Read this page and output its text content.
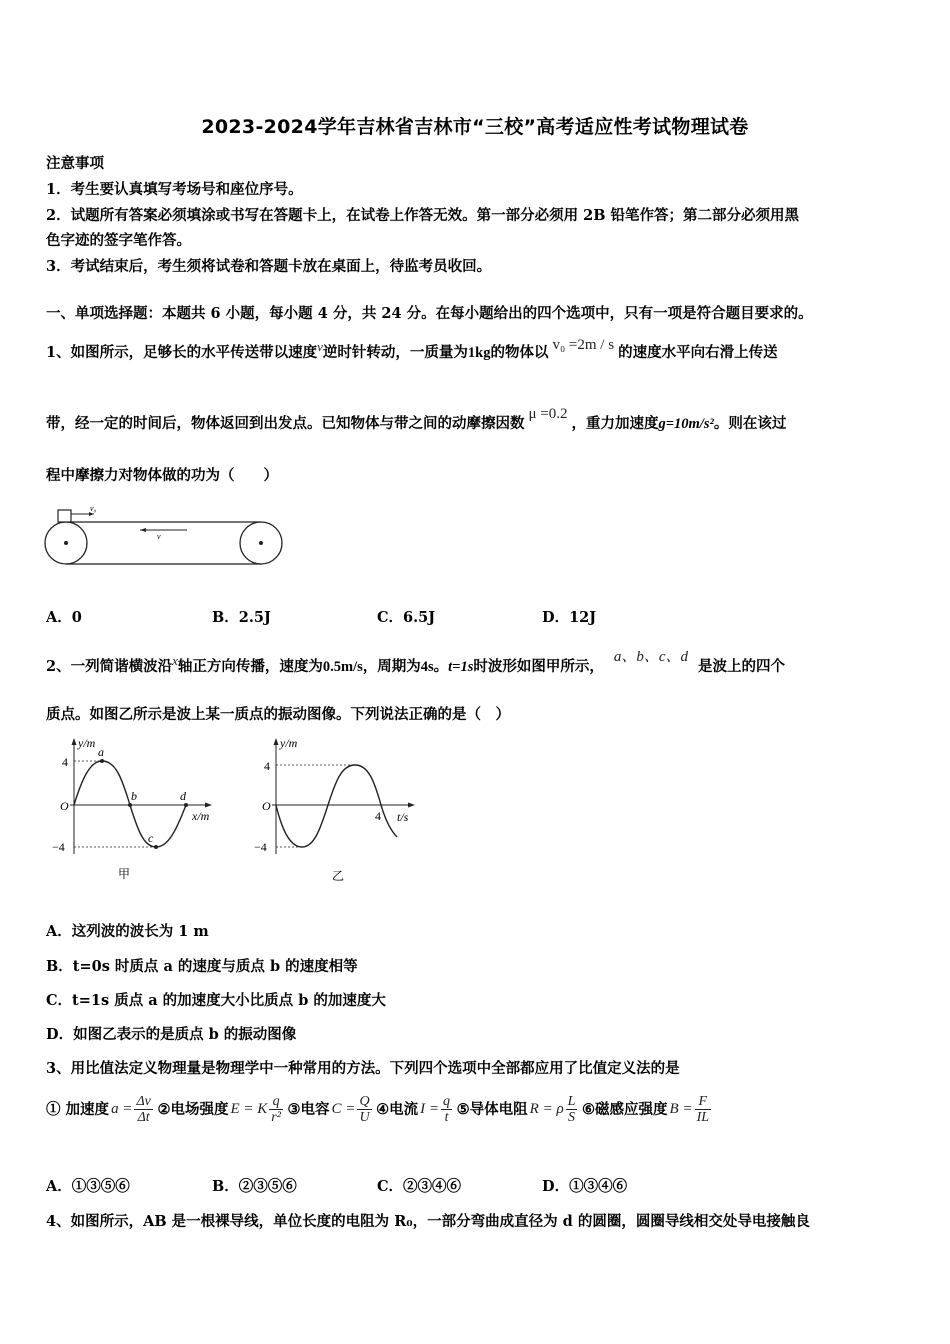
2023-2024学年吉林省吉林市“三校”高考适应性考试物理试卷
注意事项
1．考生要认真填写考场号和座位序号。
2．试题所有答案必须填涂或书写在答题卡上，在试卷上作答无效。第一部分必须用 2B 铅笔作答；第二部分必须用黑
色字迹的签字笔作答。
3．考试结束后，考生须将试卷和答题卡放在桌面上，待监考员收回。
一、单项选择题：本题共 6 小题，每小题 4 分，共 24 分。在每小题给出的四个选项中，只有一项是符合题目要求的。
1、如图所示，足够长的水平传送带以速度$^v$逆时针转动，一质量为1kg的物体以 v₀ =2m / s 的速度水平向右滑上传送
带，经一定的时间后，物体返回到出发点。已知物体与带之间的动摩擦因数μ =0.2，重力加速度g=10m/s²。则在该过
程中摩擦力对物体做的功为（　　）
v₀
v
A．0	B．2.5J	C．6.5J	D．12J
2、一列简谐横波沿$^x$轴正方向传播，速度为0.5m/s，周期为4s。t=1s时波形如图甲所示，a、b、c、d是波上的四个
质点。如图乙所示是波上某一质点的振动图像。下列说法正确的是（　）
y/m
x/m
O
4
−4
a
b
c
d
甲
y/m
t/s
O
4
−4
4
乙
A．这列波的波长为 1 m
B．t=0s 时质点 a 的速度与质点 b 的速度相等
C．t=1s 质点 a 的加速度大小比质点 b 的加速度大
D．如图乙表示的是质点 b 的振动图像
3、用比值法定义物理量是物理学中一种常用的方法。下列四个选项中全部都应用了比值定义法的是
① 加速度 $a = \frac{\Delta v}{\Delta t}$ ②电场强度 E = K $\frac{q}{\text{r²}}$ ③电容 $C = \frac{Q}{U}$ ④电流 $I = \frac{q}{t}$ ⑤导体电阻 R = ρ $\frac{L}{S}$ ⑥磁感应强度 $B = \frac{F}{IL}$
A．①③⑤⑥	B．②③⑤⑥	C．②③④⑥	D．①③④⑥
4、如图所示，AB 是一根裸导线，单位长度的电阻为 R₀，一部分弯曲成直径为 d 的圆圈，圆圈导线相交处导电接触良
